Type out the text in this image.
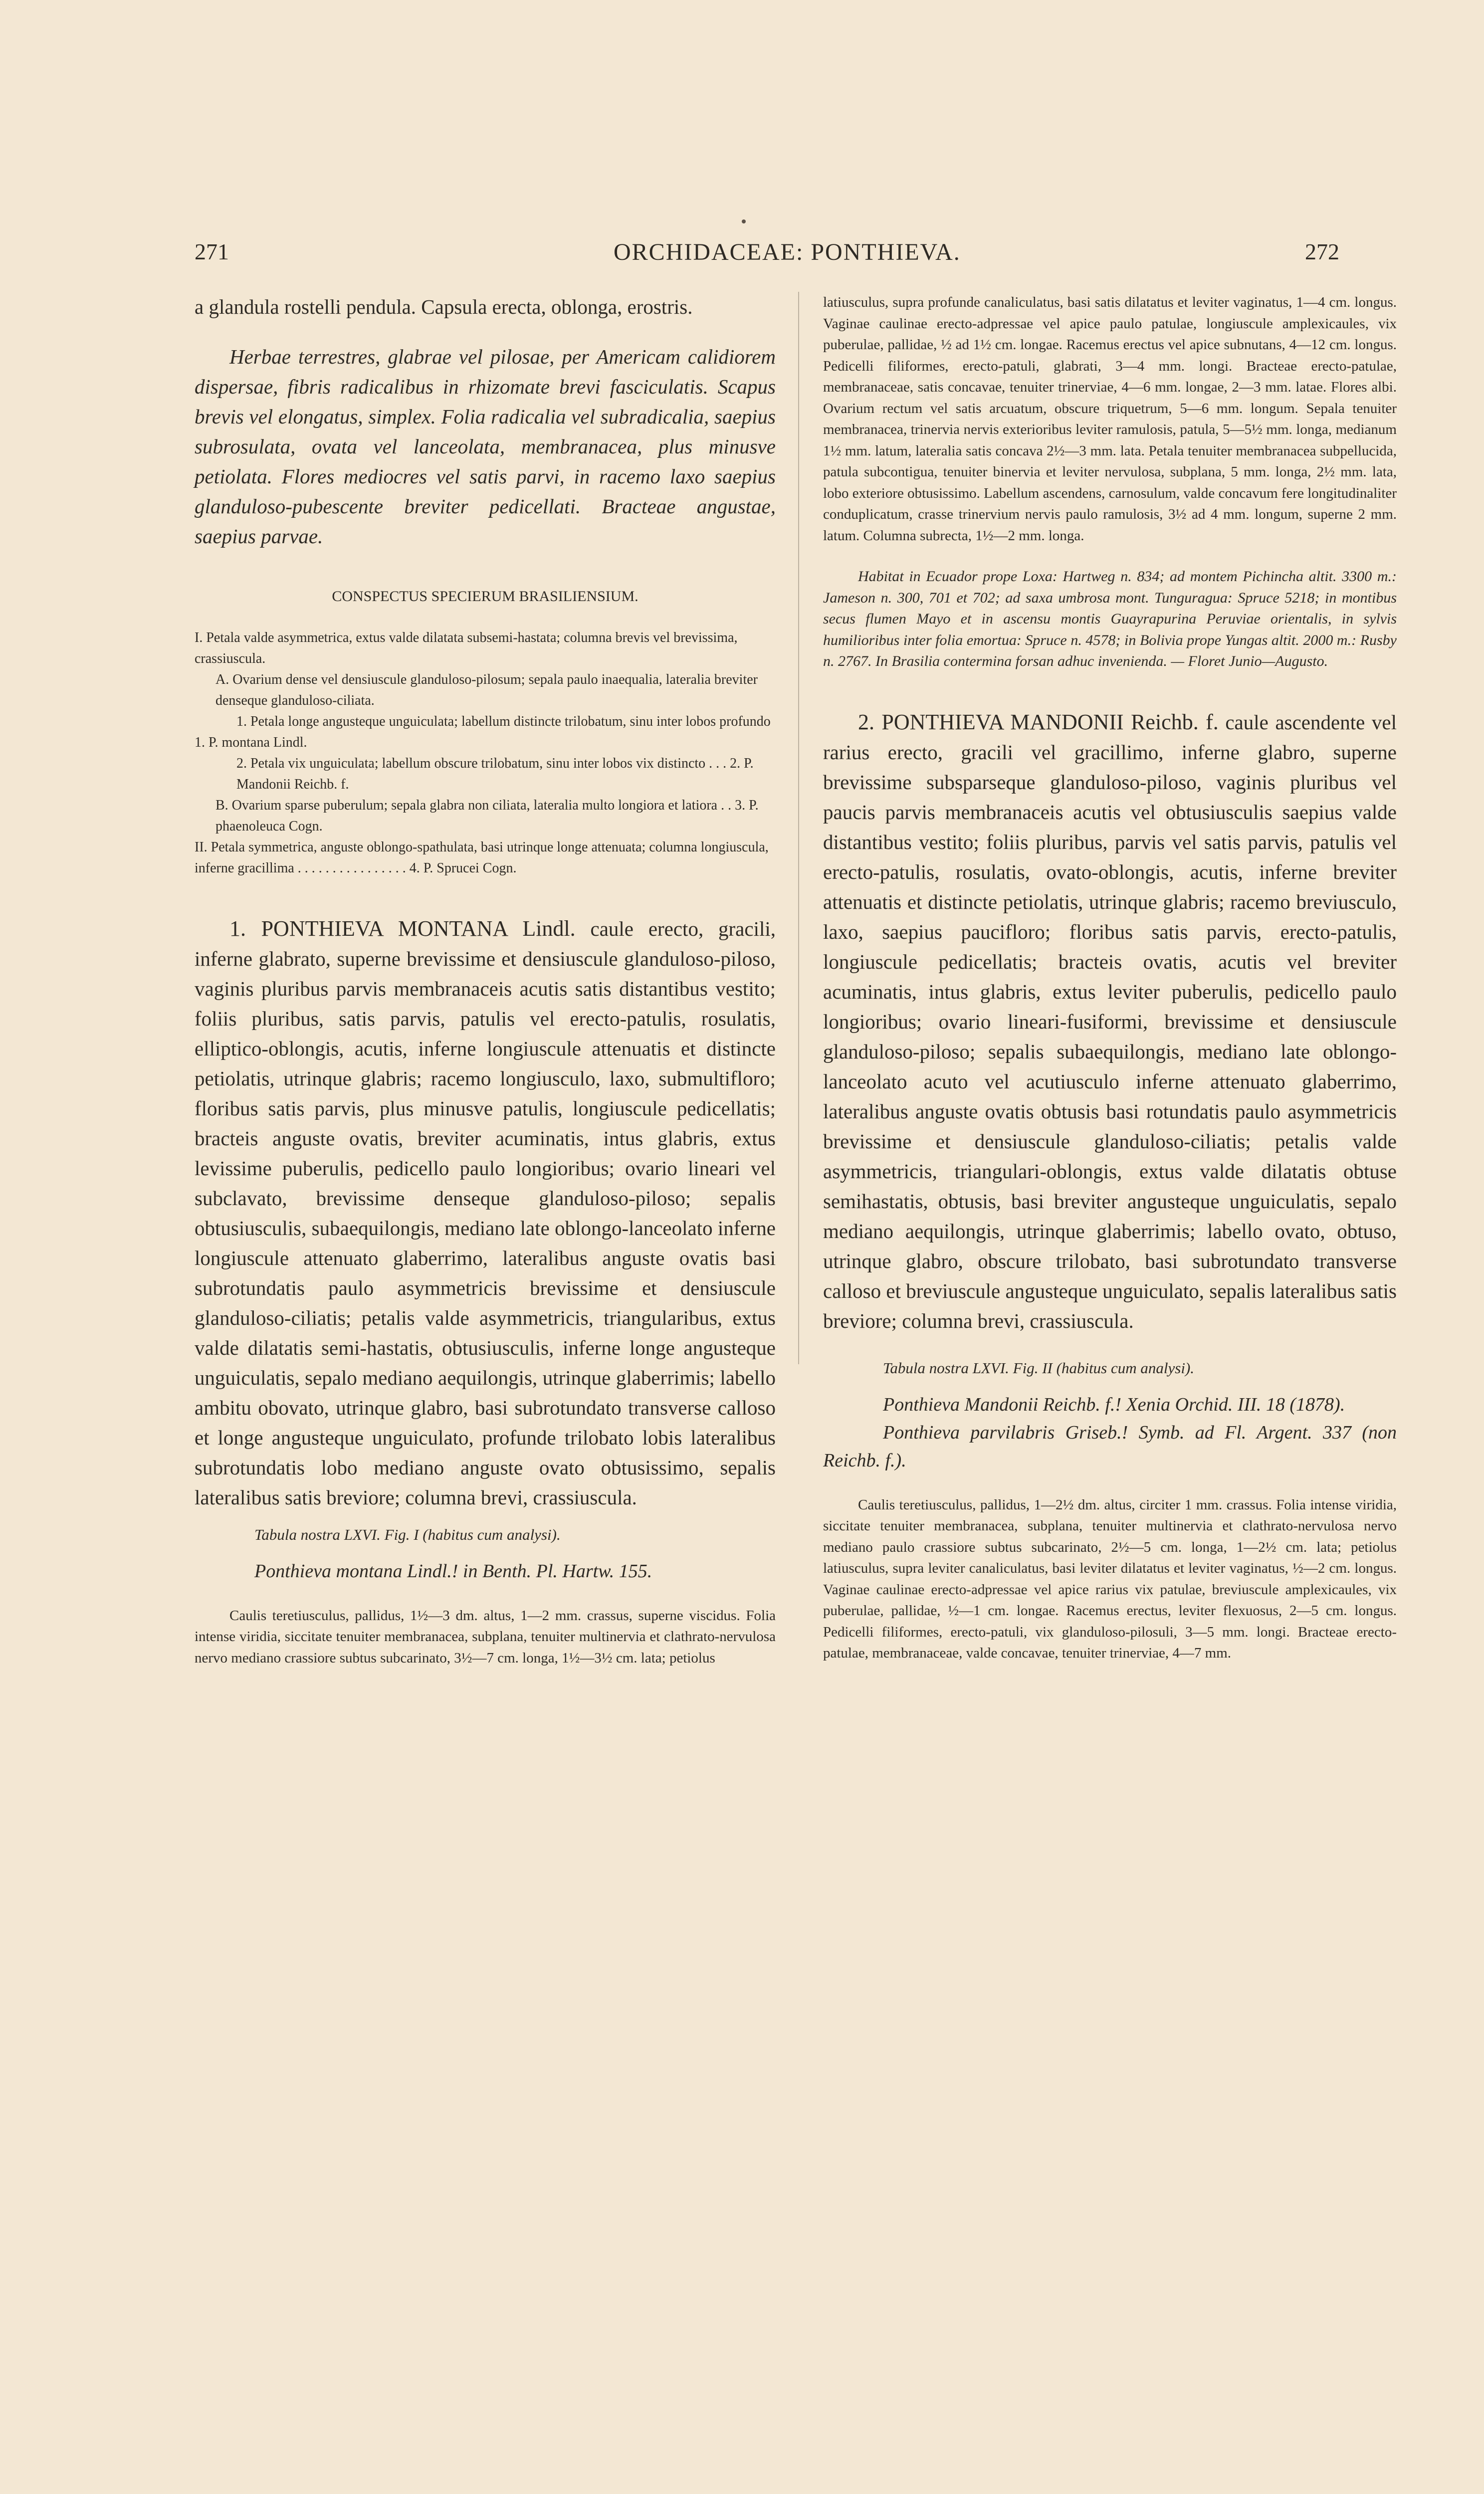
271	ORCHIDACEAE: PONTHIEVA.	272

a glandula rostelli pendula. Capsula erecta, oblonga, erostris.

Herbae terrestres, glabrae vel pilosae, per Americam calidiorem dispersae, fibris radicalibus in rhizomate brevi fasciculatis. Scapus brevis vel elongatus, simplex. Folia radicalia vel subradicalia, saepius subrosulata, ovata vel lanceolata, membranacea, plus minusve petiolata. Flores mediocres vel satis parvi, in racemo laxo saepius glanduloso-pubescente breviter pedicellati. Bracteae angustae, saepius parvae.

CONSPECTUS SPECIERUM BRASILIENSIUM.

I. Petala valde asymmetrica, extus valde dilatata subsemi-hastata; columna brevis vel brevissima, crassiuscula.
A. Ovarium dense vel densiuscule glanduloso-pilosum; sepala paulo inaequalia, lateralia breviter denseque glanduloso-ciliata.
1. Petala longe angusteque unguiculata; labellum distincte trilobatum, sinu inter lobos profundo
1. P. montana Lindl.
2. Petala vix unguiculata; labellum obscure trilobatum, sinu inter lobos vix distincto . . . 2. P. Mandonii Reichb. f.
B. Ovarium sparse puberulum; sepala glabra non ciliata, lateralia multo longiora et latiora . . 3. P. phaenoleuca Cogn.
II. Petala symmetrica, anguste oblongo-spathulata, basi utrinque longe attenuata; columna longiuscula, inferne gracillima . . . . . . . . . . . . . . . . 4. P. Sprucei Cogn.

1. PONTHIEVA MONTANA Lindl. caule erecto, gracili, inferne glabrato, superne brevissime et densiuscule glanduloso-piloso, vaginis pluribus parvis membranaceis acutis satis distantibus vestito; foliis pluribus, satis parvis, patulis vel erecto-patulis, rosulatis, elliptico-oblongis, acutis, inferne longiuscule attenuatis et distincte petiolatis, utrinque glabris; racemo longiusculo, laxo, submultifloro; floribus satis parvis, plus minusve patulis, longiuscule pedicellatis; bracteis anguste ovatis, breviter acuminatis, intus glabris, extus levissime puberulis, pedicello paulo longioribus; ovario lineari vel subclavato, brevissime denseque glanduloso-piloso; sepalis obtusiusculis, subaequilongis, mediano late oblongo-lanceolato inferne longiuscule attenuato glaberrimo, lateralibus anguste ovatis basi subrotundatis paulo asymmetricis brevissime et densiuscule glanduloso-ciliatis; petalis valde asymmetricis, triangularibus, extus valde dilatatis semi-hastatis, obtusiusculis, inferne longe angusteque unguiculatis, sepalo mediano aequilongis, utrinque glaberrimis; labello ambitu obovato, utrinque glabro, basi subrotundato transverse calloso et longe angusteque unguiculato, profunde trilobato lobis lateralibus subrotundatis lobo mediano anguste ovato obtusissimo, sepalis lateralibus satis breviore; columna brevi, crassiuscula.

Tabula nostra LXVI. Fig. I (habitus cum analysi).

Ponthieva montana Lindl.! in Benth. Pl. Hartw. 155.

Caulis teretiusculus, pallidus, 1½—3 dm. altus, 1—2 mm. crassus, superne viscidus. Folia intense viridia, siccitate tenuiter membranacea, subplana, tenuiter multinervia et clathrato-nervulosa nervo mediano crassiore subtus subcarinato, 3½—7 cm. longa, 1½—3½ cm. lata; petiolus

latiusculus, supra profunde canaliculatus, basi satis dilatatus et leviter vaginatus, 1—4 cm. longus. Vaginae caulinae erecto-adpressae vel apice paulo patulae, longiuscule amplexicaules, vix puberulae, pallidae, ½ ad 1½ cm. longae. Racemus erectus vel apice subnutans, 4—12 cm. longus. Pedicelli filiformes, erecto-patuli, glabrati, 3—4 mm. longi. Bracteae erecto-patulae, membranaceae, satis concavae, tenuiter trinerviae, 4—6 mm. longae, 2—3 mm. latae. Flores albi. Ovarium rectum vel satis arcuatum, obscure triquetrum, 5—6 mm. longum. Sepala tenuiter membranacea, trinervia nervis exterioribus leviter ramulosis, patula, 5—5½ mm. longa, medianum 1½ mm. latum, lateralia satis concava 2½—3 mm. lata. Petala tenuiter membranacea subpellucida, patula subcontigua, tenuiter binervia et leviter nervulosa, subplana, 5 mm. longa, 2½ mm. lata, lobo exteriore obtusissimo. Labellum ascendens, carnosulum, valde concavum fere longitudinaliter conduplicatum, crasse trinervium nervis paulo ramulosis, 3½ ad 4 mm. longum, superne 2 mm. latum. Columna subrecta, 1½—2 mm. longa.

Habitat in Ecuador prope Loxa: Hartweg n. 834; ad montem Pichincha altit. 3300 m.: Jameson n. 300, 701 et 702; ad saxa umbrosa mont. Tunguragua: Spruce 5218; in montibus secus flumen Mayo et in ascensu montis Guayrapurina Peruviae orientalis, in sylvis humilioribus inter folia emortua: Spruce n. 4578; in Bolivia prope Yungas altit. 2000 m.: Rusby n. 2767. In Brasilia contermina forsan adhuc invenienda. — Floret Junio—Augusto.

2. PONTHIEVA MANDONII Reichb. f. caule ascendente vel rarius erecto, gracili vel gracillimo, inferne glabro, superne brevissime subsparseque glanduloso-piloso, vaginis pluribus vel paucis parvis membranaceis acutis vel obtusiusculis saepius valde distantibus vestito; foliis pluribus, parvis vel satis parvis, patulis vel erecto-patulis, rosulatis, ovato-oblongis, acutis, inferne breviter attenuatis et distincte petiolatis, utrinque glabris; racemo breviusculo, laxo, saepius paucifloro; floribus satis parvis, erecto-patulis, longiuscule pedicellatis; bracteis ovatis, acutis vel breviter acuminatis, intus glabris, extus leviter puberulis, pedicello paulo longioribus; ovario lineari-fusiformi, brevissime et densiuscule glanduloso-piloso; sepalis subaequilongis, mediano late oblongo-lanceolato acuto vel acutiusculo inferne attenuato glaberrimo, lateralibus anguste ovatis obtusis basi rotundatis paulo asymmetricis brevissime et densiuscule glanduloso-ciliatis; petalis valde asymmetricis, triangulari-oblongis, extus valde dilatatis obtuse semihastatis, obtusis, basi breviter angusteque unguiculatis, sepalo mediano aequilongis, utrinque glaberrimis; labello ovato, obtuso, utrinque glabro, obscure trilobato, basi subrotundato transverse calloso et breviuscule angusteque unguiculato, sepalis lateralibus satis breviore; columna brevi, crassiuscula.

Tabula nostra LXVI. Fig. II (habitus cum analysi).

Ponthieva Mandonii Reichb. f.! Xenia Orchid. III. 18 (1878).

Ponthieva parvilabris Griseb.! Symb. ad Fl. Argent. 337 (non Reichb. f.).

Caulis teretiusculus, pallidus, 1—2½ dm. altus, circiter 1 mm. crassus. Folia intense viridia, siccitate tenuiter membranacea, subplana, tenuiter multinervia et clathrato-nervulosa nervo mediano paulo crassiore subtus subcarinato, 2½—5 cm. longa, 1—2½ cm. lata; petiolus latiusculus, supra leviter canaliculatus, basi leviter dilatatus et leviter vaginatus, ½—2 cm. longus. Vaginae caulinae erecto-adpressae vel apice rarius vix patulae, breviuscule amplexicaules, vix puberulae, pallidae, ½—1 cm. longae. Racemus erectus, leviter flexuosus, 2—5 cm. longus. Pedicelli filiformes, erecto-patuli, vix glanduloso-pilosuli, 3—5 mm. longi. Bracteae erecto-patulae, membranaceae, valde concavae, tenuiter trinerviae, 4—7 mm.
